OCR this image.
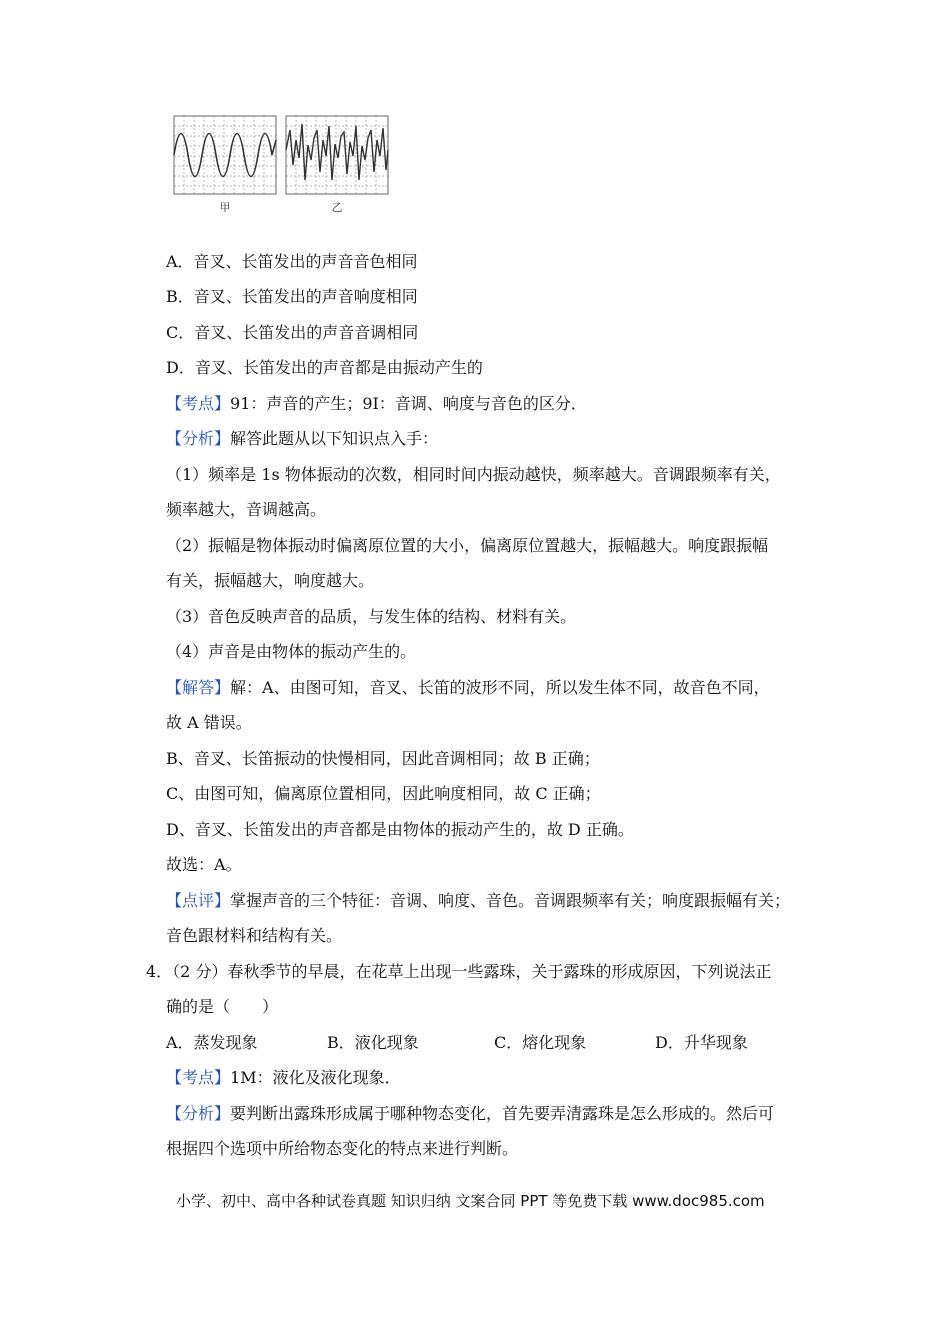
甲	乙
A．音叉、长笛发出的声音音色相同
B．音叉、长笛发出的声音响度相同
C．音叉、长笛发出的声音音调相同
D．音叉、长笛发出的声音都是由振动产生的
【考点】91：声音的产生；9I：音调、响度与音色的区分．
【分析】解答此题从以下知识点入手：
（1）频率是 1s 物体振动的次数，相同时间内振动越快，频率越大。音调跟频率有关，
频率越大，音调越高。
（2）振幅是物体振动时偏离原位置的大小，偏离原位置越大，振幅越大。响度跟振幅
有关，振幅越大，响度越大。
（3）音色反映声音的品质，与发生体的结构、材料有关。
（4）声音是由物体的振动产生的。
【解答】解：A、由图可知，音叉、长笛的波形不同，所以发生体不同，故音色不同，
故 A 错误。
B、音叉、长笛振动的快慢相同，因此音调相同；故 B 正确；
C、由图可知，偏离原位置相同，因此响度相同，故 C 正确；
D、音叉、长笛发出的声音都是由物体的振动产生的，故 D 正确。
故选：A。
【点评】掌握声音的三个特征：音调、响度、音色。音调跟频率有关；响度跟振幅有关；
音色跟材料和结构有关。
4．（2 分）春秋季节的早晨，在花草上出现一些露珠，关于露珠的形成原因，下列说法正
确的是（　　）
A．蒸发现象	B．液化现象	C．熔化现象	D．升华现象
【考点】1M：液化及液化现象．
【分析】要判断出露珠形成属于哪种物态变化，首先要弄清露珠是怎么形成的。然后可
根据四个选项中所给物态变化的特点来进行判断。
小学、初中、高中各种试卷真题 知识归纳 文案合同 PPT 等免费下载 www.doc985.com
